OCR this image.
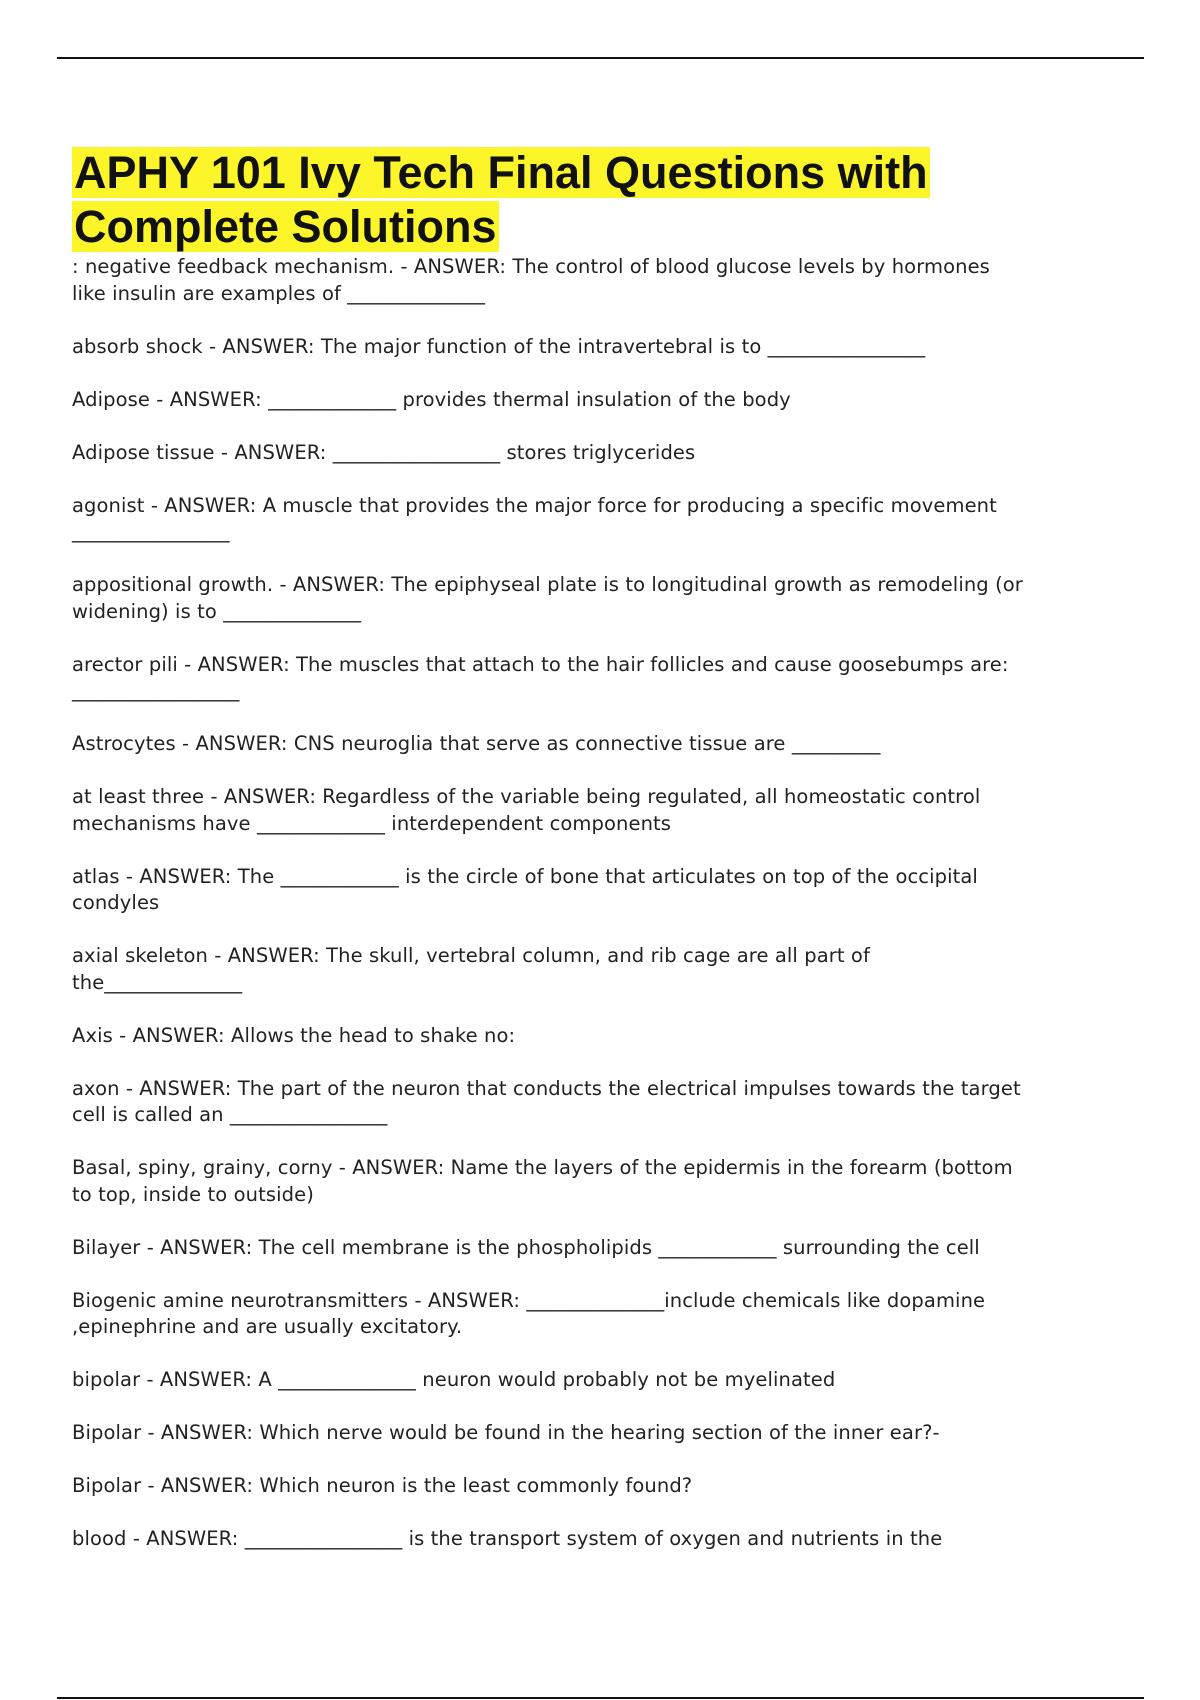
APHY 101 Ivy Tech Final Questions with
Complete Solutions
: negative feedback mechanism. - ANSWER: The control of blood glucose levels by hormones
like insulin are examples of ______________
absorb shock - ANSWER: The major function of the intravertebral is to ________________
Adipose - ANSWER: _____________ provides thermal insulation of the body
Adipose tissue - ANSWER: _________________ stores triglycerides
agonist - ANSWER: A muscle that provides the major force for producing a specific movement
________________
appositional growth. - ANSWER: The epiphyseal plate is to longitudinal growth as remodeling (or
widening) is to ______________
arector pili - ANSWER: The muscles that attach to the hair follicles and cause goosebumps are:
_________________
Astrocytes - ANSWER: CNS neuroglia that serve as connective tissue are _________
at least three - ANSWER: Regardless of the variable being regulated, all homeostatic control
mechanisms have _____________ interdependent components
atlas - ANSWER: The ____________ is the circle of bone that articulates on top of the occipital
condyles
axial skeleton - ANSWER: The skull, vertebral column, and rib cage are all part of
the______________
Axis - ANSWER: Allows the head to shake no:
axon - ANSWER: The part of the neuron that conducts the electrical impulses towards the target
cell is called an ________________
Basal, spiny, grainy, corny - ANSWER: Name the layers of the epidermis in the forearm (bottom
to top, inside to outside)
Bilayer - ANSWER: The cell membrane is the phospholipids ____________ surrounding the cell
Biogenic amine neurotransmitters - ANSWER: ______________include chemicals like dopamine
,epinephrine and are usually excitatory.
bipolar - ANSWER: A ______________ neuron would probably not be myelinated
Bipolar - ANSWER: Which nerve would be found in the hearing section of the inner ear?-
Bipolar - ANSWER: Which neuron is the least commonly found?
blood - ANSWER: ________________ is the transport system of oxygen and nutrients in the
